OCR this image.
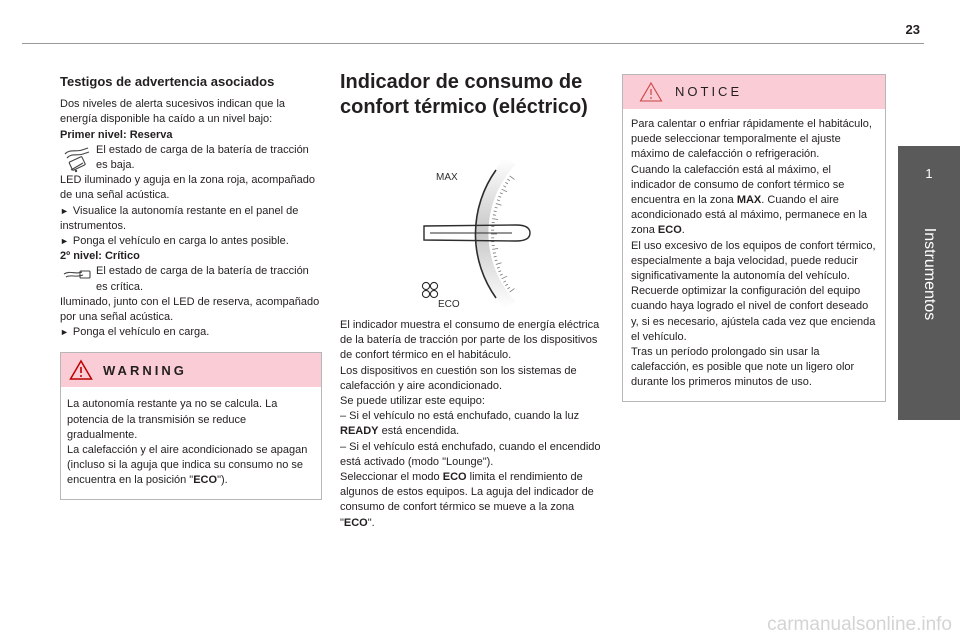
23
1
Instrumentos
Testigos de advertencia asociados

Dos niveles de alerta sucesivos indican que la energía disponible ha caído a un nivel bajo:

Primer nivel: Reserva

El estado de carga de la batería de tracción es baja.

LED iluminado y aguja en la zona roja, acompañado de una señal acústica.

► Visualice la autonomía restante en el panel de instrumentos.

► Ponga el vehículo en carga lo antes posible.

2º nivel: Crítico

El estado de carga de la batería de tracción es crítica.

Iluminado, junto con el LED de reserva, acompañado por una señal acústica.

► Ponga el vehículo en carga.

WARNING

La autonomía restante ya no se calcula. La potencia de la transmisión se reduce gradualmente.

La calefacción y el aire acondicionado se apagan (incluso si la aguja que indica su consumo no se encuentra en la posición "ECO").

Indicador de consumo de confort térmico (eléctrico)
MAX
ECO

El indicador muestra el consumo de energía eléctrica de la batería de tracción por parte de los dispositivos de confort térmico en el habitáculo.

Los dispositivos en cuestión son los sistemas de calefacción y aire acondicionado.

Se puede utilizar este equipo:

– Si el vehículo no está enchufado, cuando la luz READY está encendida.

– Si el vehículo está enchufado, cuando el encendido está activado (modo "Lounge").

Seleccionar el modo ECO limita el rendimiento de algunos de estos equipos. La aguja del indicador de consumo de confort térmico se mueve a la zona "ECO".

NOTICE

Para calentar o enfriar rápidamente el habitáculo, puede seleccionar temporalmente el ajuste máximo de calefacción o refrigeración.

Cuando la calefacción está al máximo, el indicador de consumo de confort térmico se encuentra en la zona MAX. Cuando el aire acondicionado está al máximo, permanece en la zona ECO.

El uso excesivo de los equipos de confort térmico, especialmente a baja velocidad, puede reducir significativamente la autonomía del vehículo.

Recuerde optimizar la configuración del equipo cuando haya logrado el nivel de confort deseado y, si es necesario, ajústela cada vez que encienda el vehículo.

Tras un período prolongado sin usar la calefacción, es posible que note un ligero olor durante los primeros minutos de uso.

carmanualsonline.info
